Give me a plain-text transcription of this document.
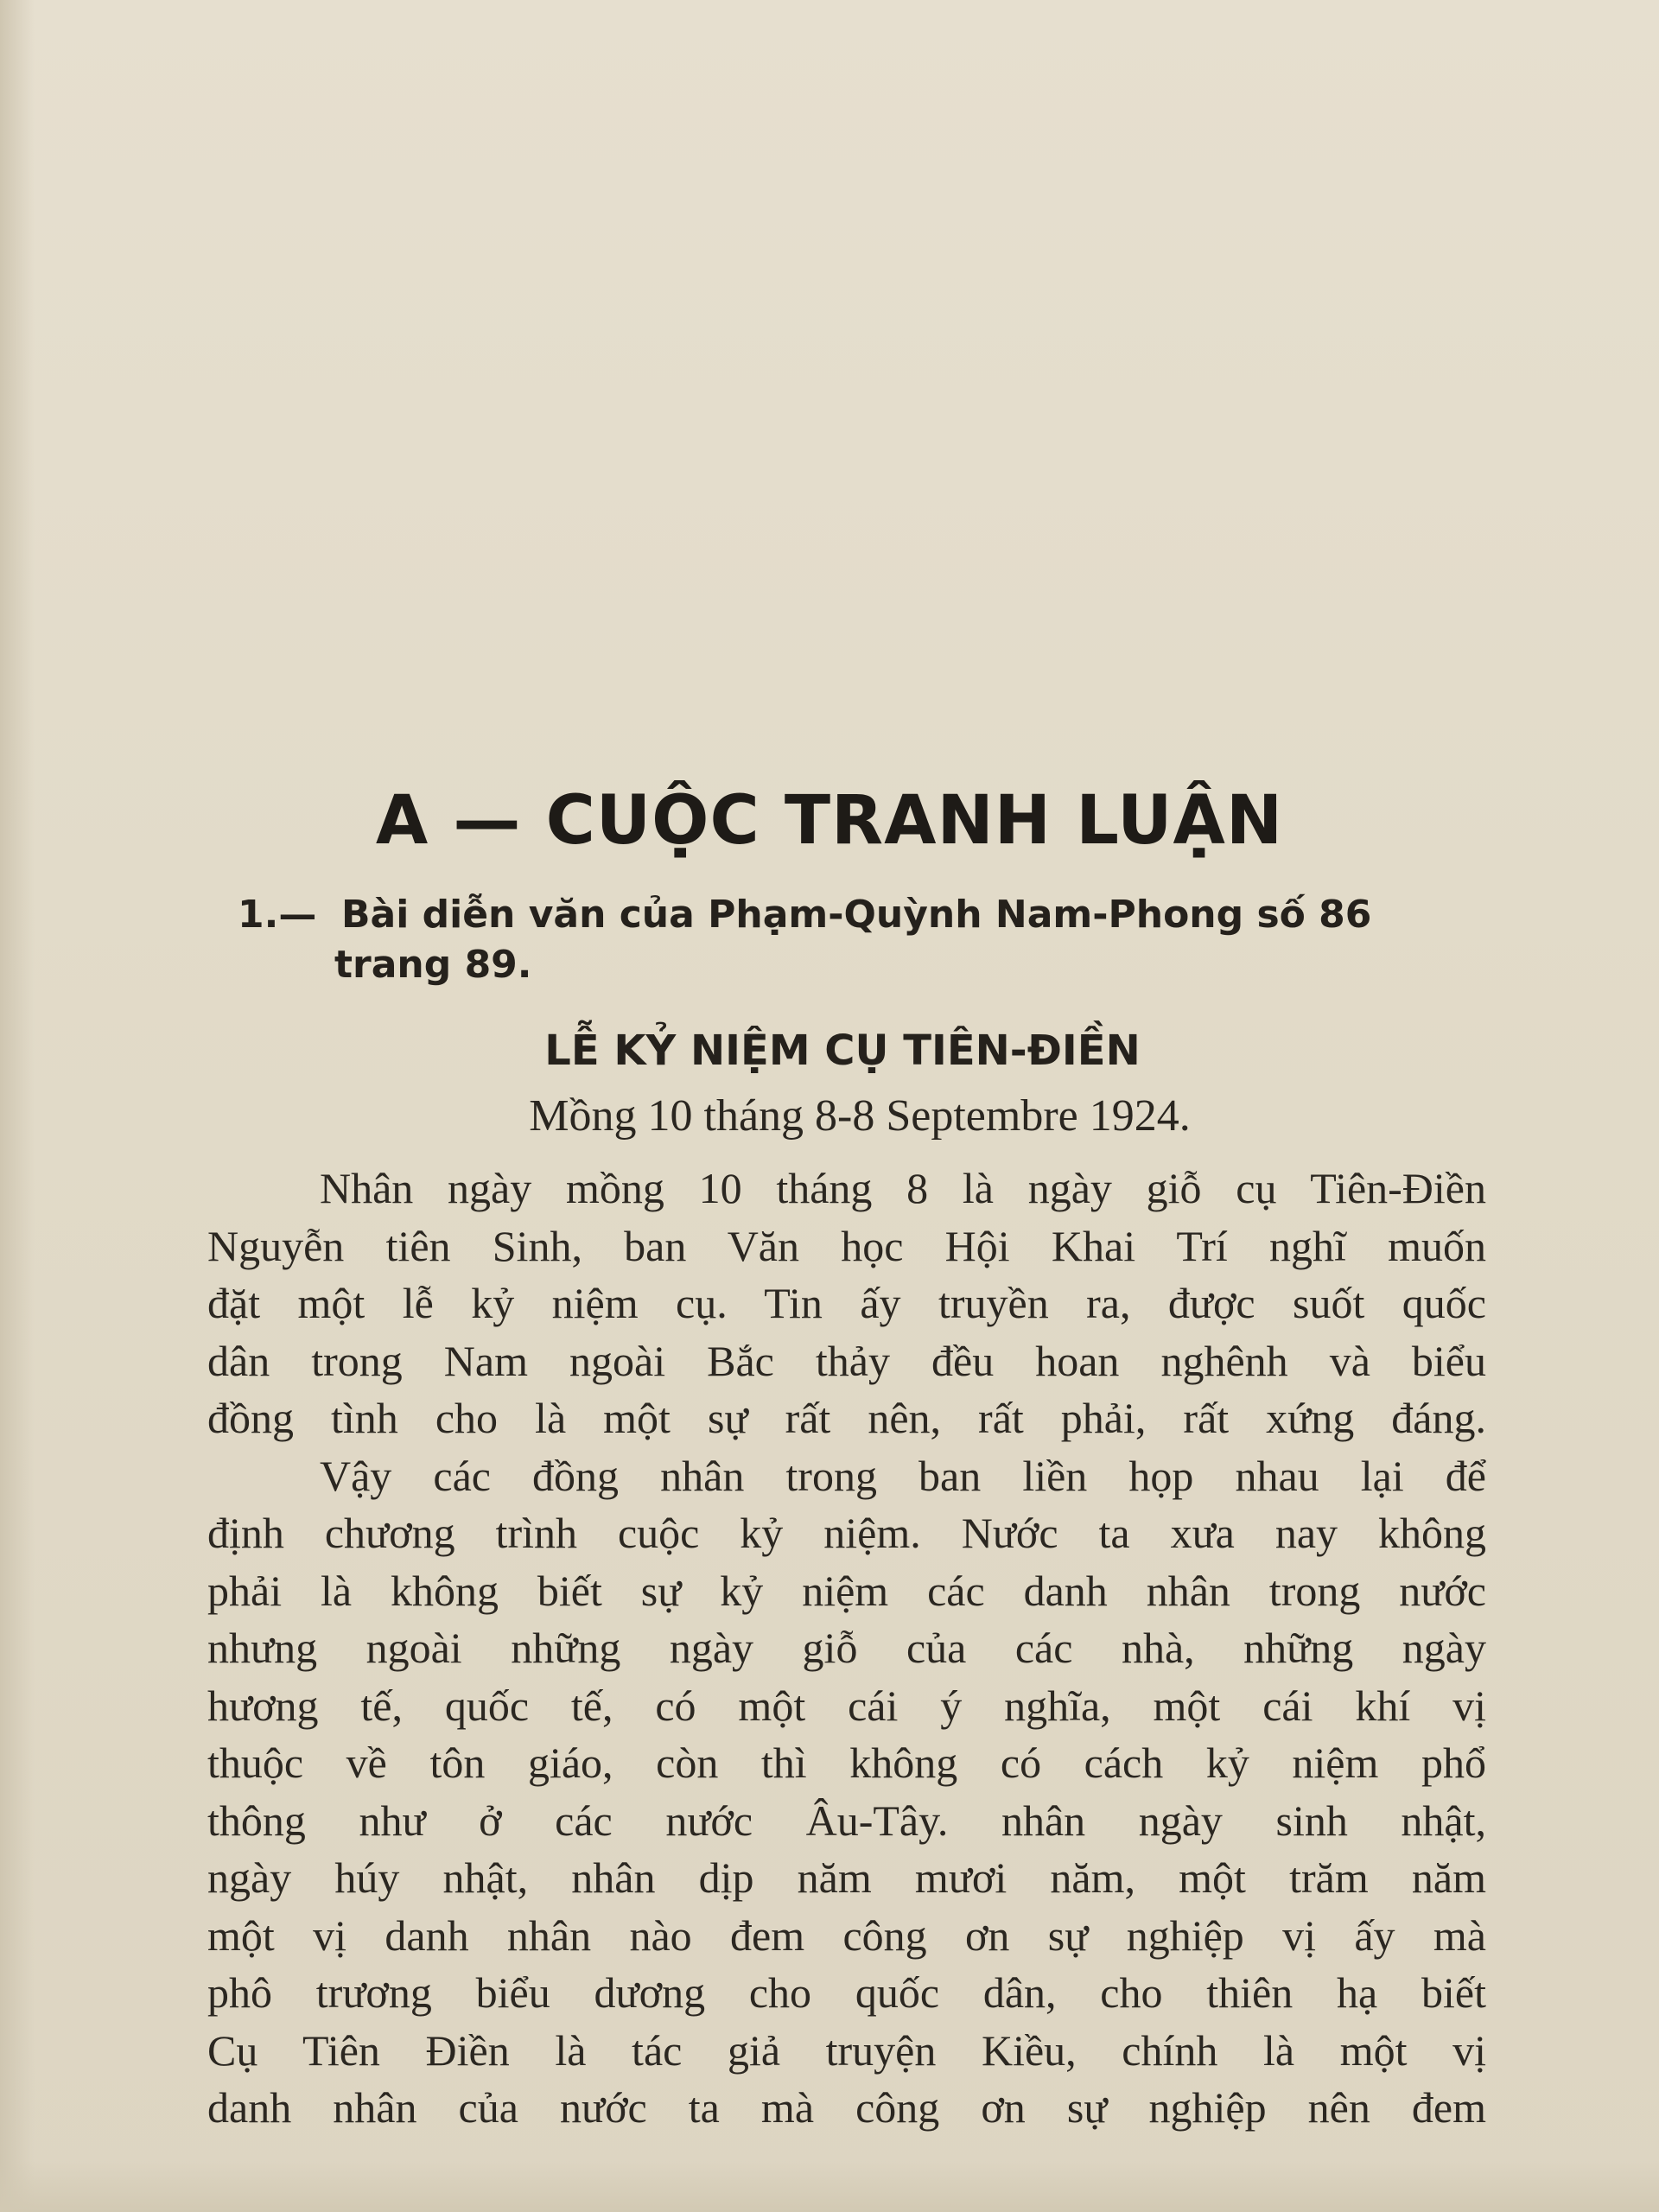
A — CUỘC TRANH LUẬN
1.— Bài diễn văn của Phạm-Quỳnh Nam-Phong số 86
trang 89.
LỄ KỶ NIỆM CỤ TIÊN-ĐIỀN
Mồng 10 tháng 8-8 Septembre 1924.
Nhân ngày mồng 10 tháng 8 là ngày giỗ cụ Tiên-Điền
Nguyễn tiên Sinh, ban Văn học Hội Khai Trí nghĩ muốn
đặt một lễ kỷ niệm cụ. Tin ấy truyền ra, được suốt quốc
dân trong Nam ngoài Bắc thảy đều hoan nghênh và biểu
đồng tình cho là một sự rất nên, rất phải, rất xứng đáng.
Vậy các đồng nhân trong ban liền họp nhau lại để
định chương trình cuộc kỷ niệm. Nước ta xưa nay không
phải là không biết sự kỷ niệm các danh nhân trong nước
nhưng ngoài những ngày giỗ của các nhà, những ngày
hương tế, quốc tế, có một cái ý nghĩa, một cái khí vị
thuộc về tôn giáo, còn thì không có cách kỷ niệm phổ
thông như ở các nước Âu-Tây. nhân ngày sinh nhật,
ngày húy nhật, nhân dịp năm mươi năm, một trăm năm
một vị danh nhân nào đem công ơn sự nghiệp vị ấy mà
phô trương biểu dương cho quốc dân, cho thiên hạ biết
Cụ Tiên Điền là tác giả truyện Kiều, chính là một vị
danh nhân của nước ta mà công ơn sự nghiệp nên đem
